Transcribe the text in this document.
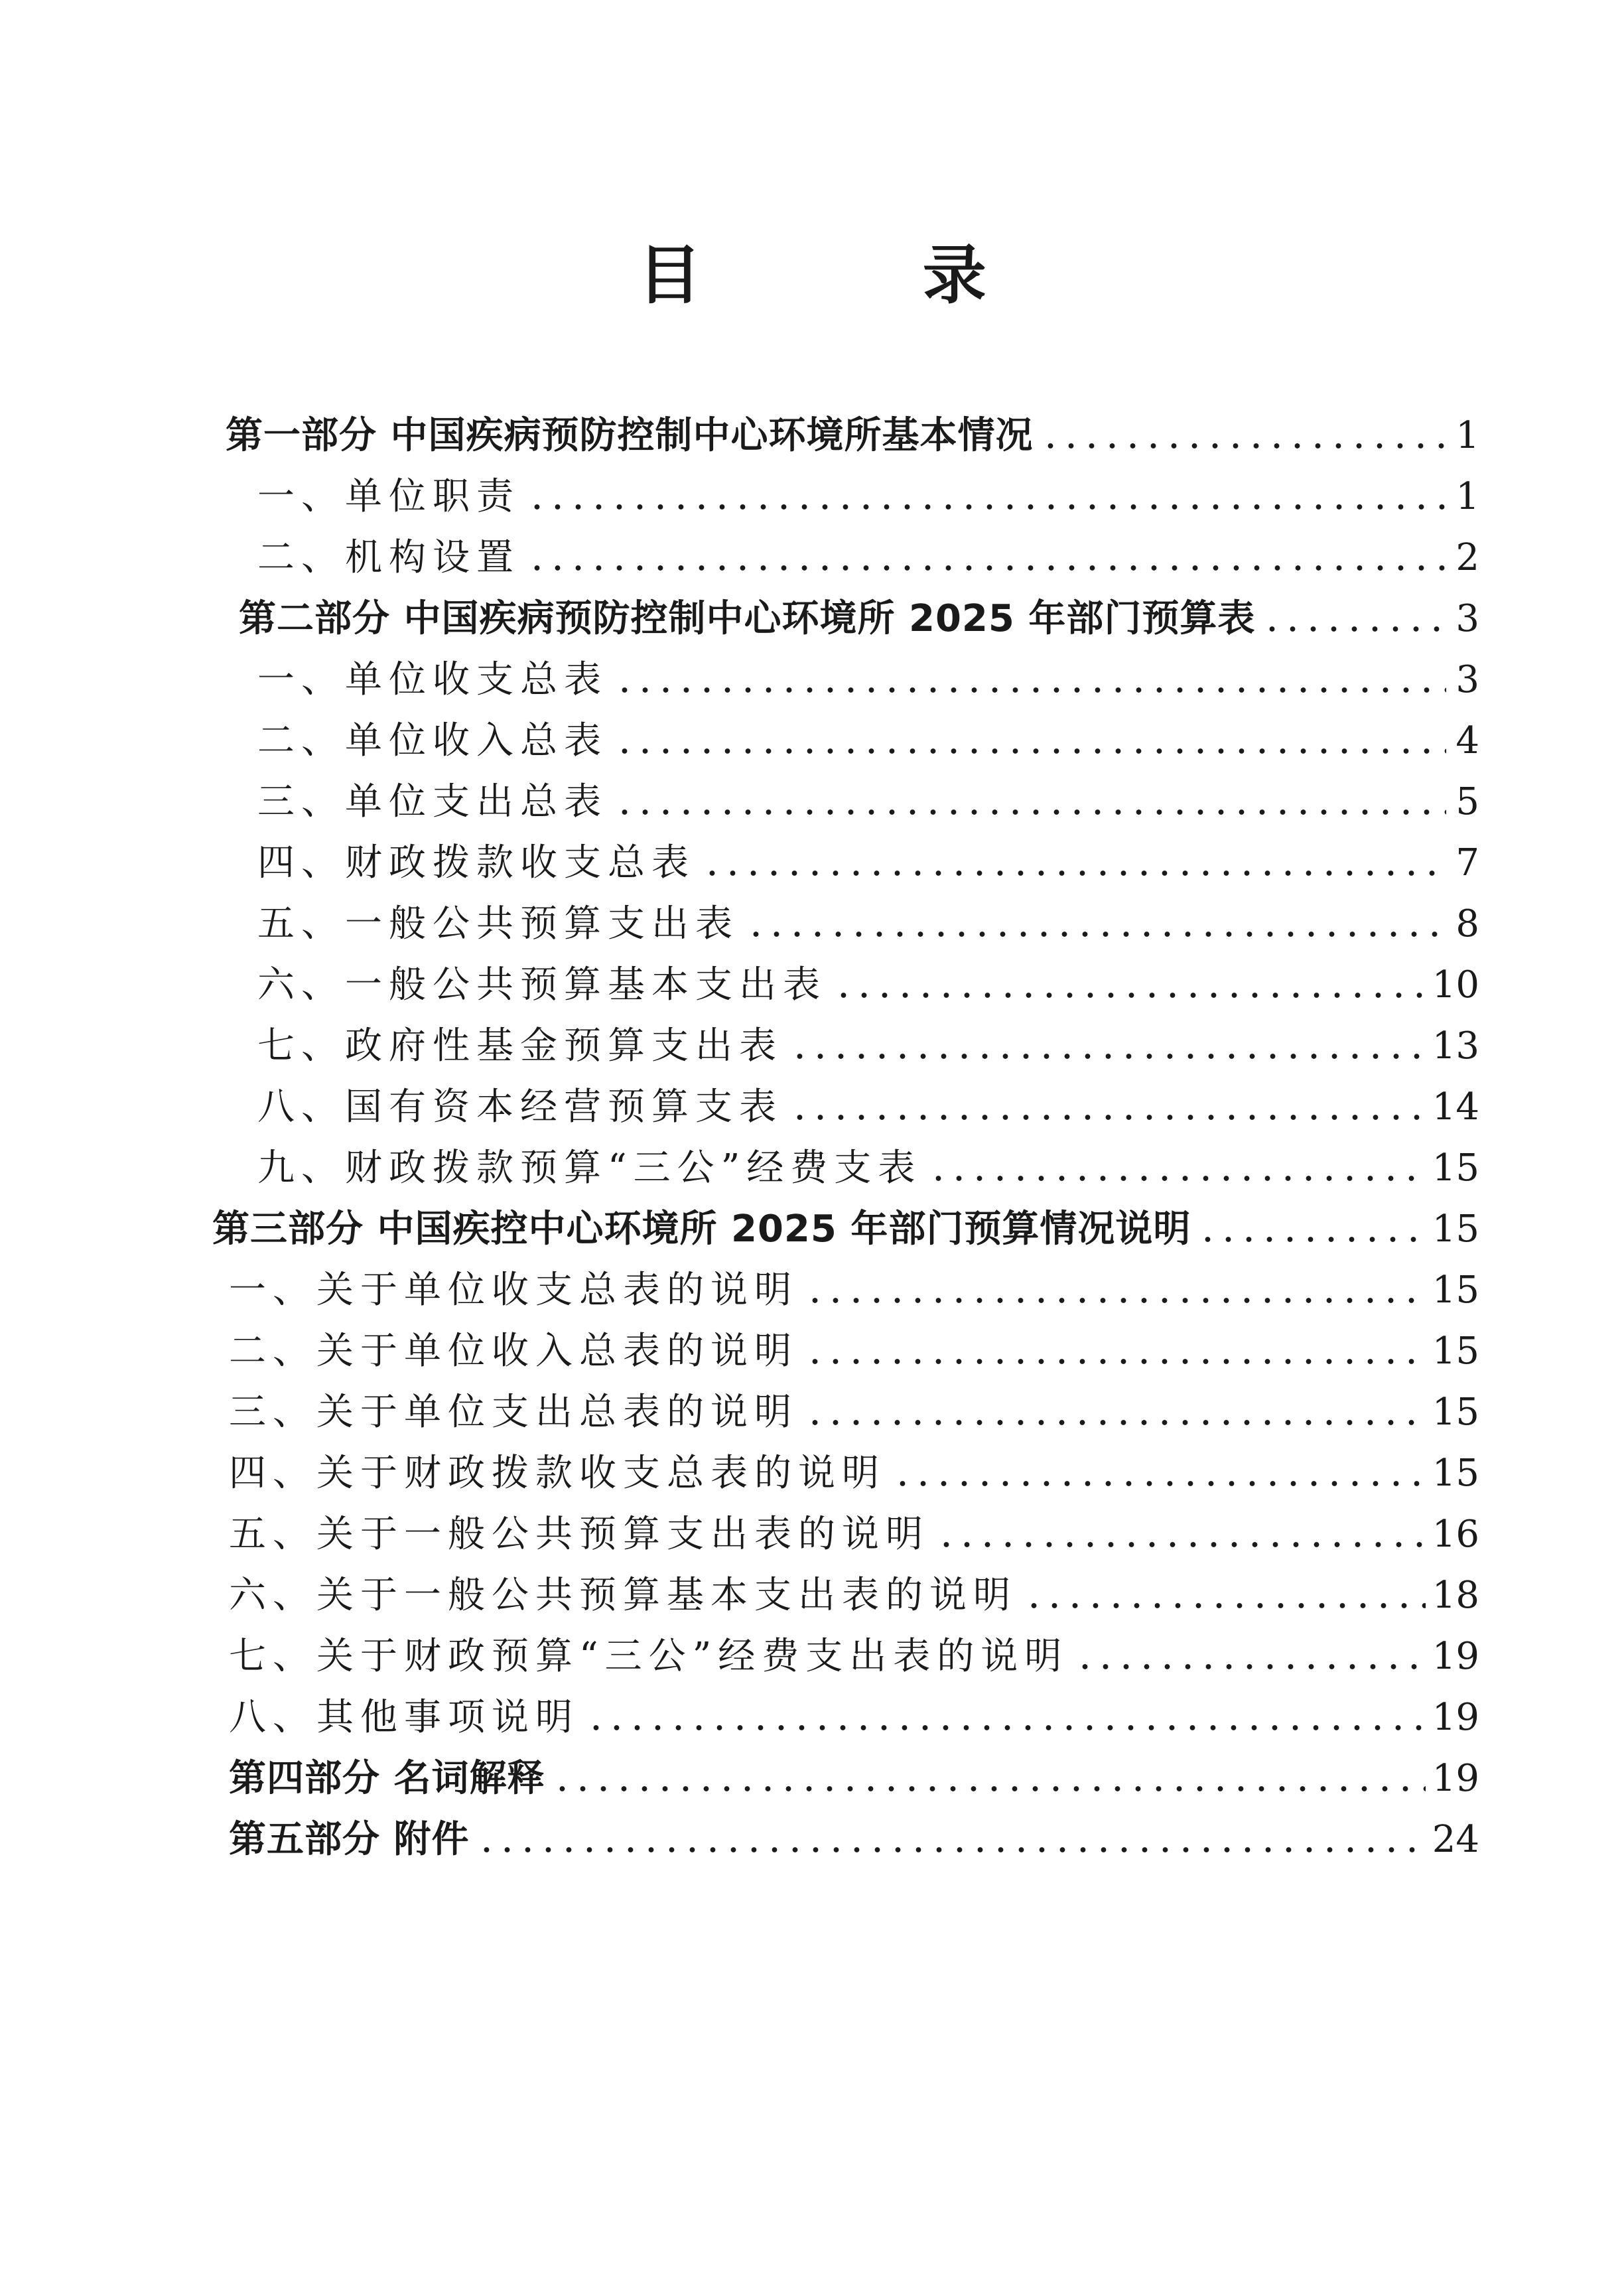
目 录
第一部分 中国疾病预防控制中心环境所基本情况	1
一、单位职责	1
二、机构设置	2
第二部分 中国疾病预防控制中心环境所 2025 年部门预算表	3
一、单位收支总表	3
二、单位收入总表	4
三、单位支出总表	5
四、财政拨款收支总表	7
五、一般公共预算支出表	8
六、一般公共预算基本支出表	10
七、政府性基金预算支出表	13
八、国有资本经营预算支表	14
九、财政拨款预算“三公”经费支表	15
第三部分 中国疾控中心环境所 2025 年部门预算情况说明	15
一、关于单位收支总表的说明	15
二、关于单位收入总表的说明	15
三、关于单位支出总表的说明	15
四、关于财政拨款收支总表的说明	15
五、关于一般公共预算支出表的说明	16
六、关于一般公共预算基本支出表的说明	18
七、关于财政预算“三公”经费支出表的说明	19
八、其他事项说明	19
第四部分 名词解释	19
第五部分 附件	24
